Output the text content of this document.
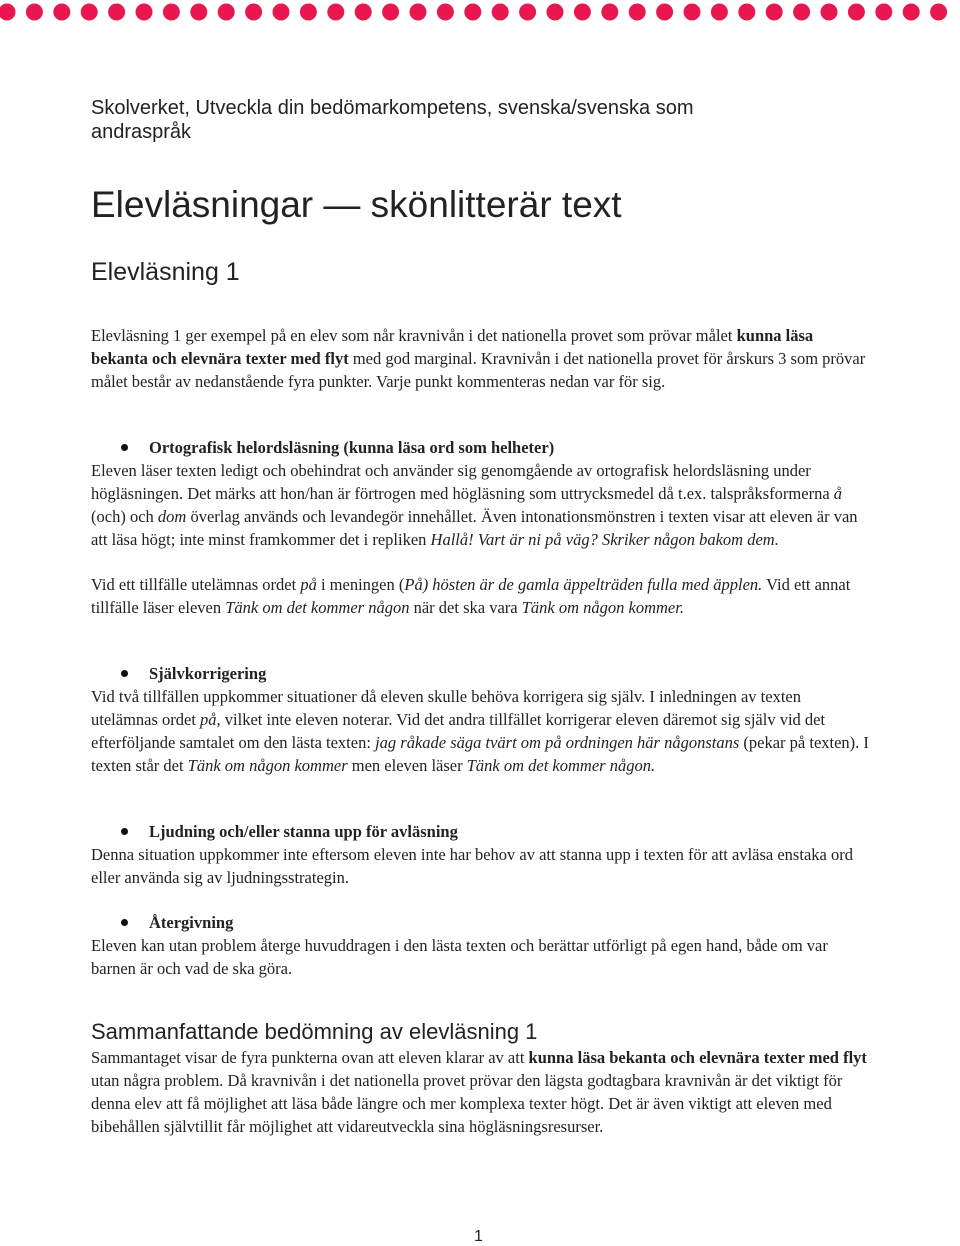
Skolverket, Utveckla din bedömarkompetens, svenska/svenska som andraspråk
Elevläsningar — skönlitterär text
Elevläsning 1
Elevläsning 1 ger exempel på en elev som når kravnivån i det nationella provet som prövar målet kunna läsa bekanta och elevnära texter med flyt med god marginal. Kravnivån i det nationella provet för årskurs 3 som prövar målet består av nedanstående fyra punkter. Varje punkt kommenteras nedan var för sig.
Ortografisk helordsläsning (kunna läsa ord som helheter)
Eleven läser texten ledigt och obehindrat och använder sig genomgående av ortografisk helordsläsning under högläsningen. Det märks att hon/han är förtrogen med högläsning som uttrycksmedel då t.ex. talspråksformerna å (och) och dom överlag används och levandegör innehållet. Även intonationsmönstren i texten visar att eleven är van att läsa högt; inte minst framkommer det i repliken Hallå! Vart är ni på väg? Skriker någon bakom dem.
Vid ett tillfälle utelämnas ordet på i meningen (På) hösten är de gamla äppelträden fulla med äpplen. Vid ett annat tillfälle läser eleven Tänk om det kommer någon när det ska vara Tänk om någon kommer.
Självkorrigering
Vid två tillfällen uppkommer situationer då eleven skulle behöva korrigera sig själv. I inledningen av texten utelämnas ordet på, vilket inte eleven noterar. Vid det andra tillfället korrigerar eleven däremot sig själv vid det efterföljande samtalet om den lästa texten: jag råkade säga tvärt om på ordningen här någonstans (pekar på texten). I texten står det Tänk om någon kommer men eleven läser Tänk om det kommer någon.
Ljudning och/eller stanna upp för avläsning
Denna situation uppkommer inte eftersom eleven inte har behov av att stanna upp i texten för att avläsa enstaka ord eller använda sig av ljudningsstrategin.
Återgivning
Eleven kan utan problem återge huvuddragen i den lästa texten och berättar utförligt på egen hand, både om var barnen är och vad de ska göra.
Sammanfattande bedömning av elevläsning 1
Sammantaget visar de fyra punkterna ovan att eleven klarar av att kunna läsa bekanta och elevnära texter med flyt utan några problem. Då kravnivån i det nationella provet prövar den lägsta godtagbara kravnivån är det viktigt för denna elev att få möjlighet att läsa både längre och mer komplexa texter högt. Det är även viktigt att eleven med bibehållen självtillit får möjlighet att vidareutveckla sina högläsningsresurser.
1
